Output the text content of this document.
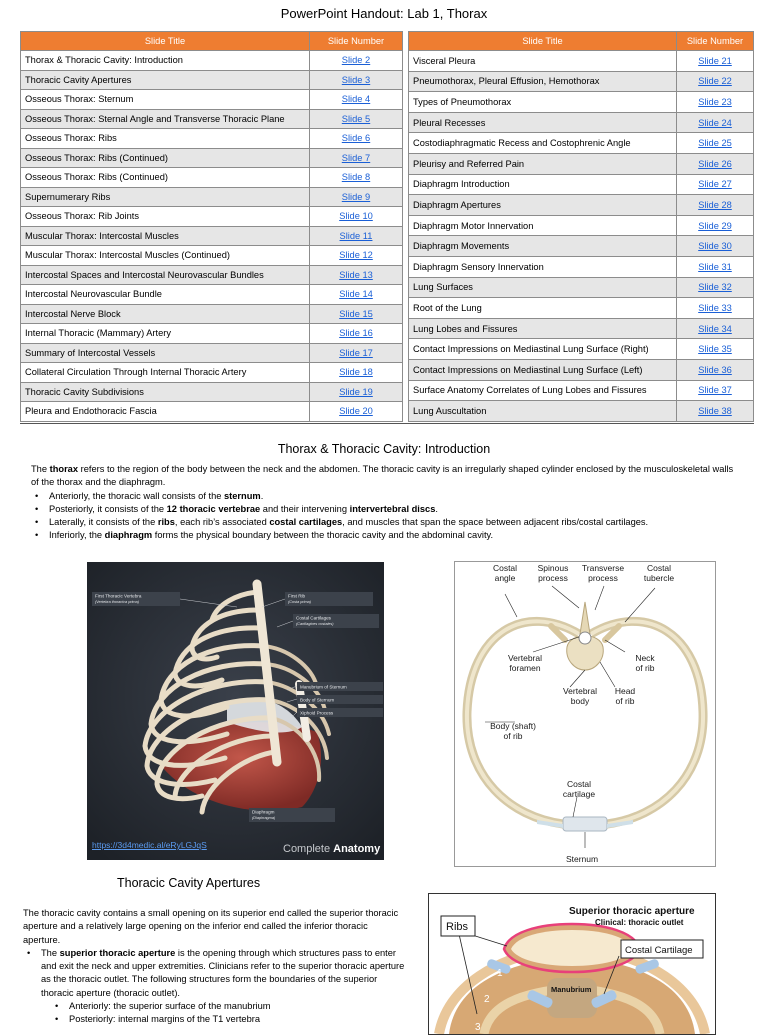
PowerPoint Handout: Lab 1, Thorax
Slide Title	Slide Number
Thorax & Thoracic Cavity: Introduction	Slide 2
Thoracic Cavity Apertures	Slide 3
Osseous Thorax: Sternum	Slide 4
Osseous Thorax: Sternal Angle and Transverse Thoracic Plane	Slide 5
Osseous Thorax: Ribs	Slide 6
Osseous Thorax: Ribs (Continued)	Slide 7
Osseous Thorax: Ribs (Continued)	Slide 8
Supernumerary Ribs	Slide 9
Osseous Thorax: Rib Joints	Slide 10
Muscular Thorax: Intercostal Muscles	Slide 11
Muscular Thorax: Intercostal Muscles (Continued)	Slide 12
Intercostal Spaces and Intercostal Neurovascular Bundles	Slide 13
Intercostal Neurovascular Bundle	Slide 14
Intercostal Nerve Block	Slide 15
Internal Thoracic (Mammary) Artery	Slide 16
Summary of Intercostal Vessels	Slide 17
Collateral Circulation Through Internal Thoracic Artery	Slide 18
Thoracic Cavity Subdivisions	Slide 19
Pleura and Endothoracic Fascia	Slide 20
Slide Title	Slide Number
Visceral Pleura	Slide 21
Pneumothorax, Pleural Effusion, Hemothorax	Slide 22
Types of Pneumothorax	Slide 23
Pleural Recesses	Slide 24
Costodiaphragmatic Recess and Costophrenic Angle	Slide 25
Pleurisy and Referred Pain	Slide 26
Diaphragm Introduction	Slide 27
Diaphragm Apertures	Slide 28
Diaphragm Motor Innervation	Slide 29
Diaphragm Movements	Slide 30
Diaphragm Sensory Innervation	Slide 31
Lung Surfaces	Slide 32
Root of the Lung	Slide 33
Lung Lobes and Fissures	Slide 34
Contact Impressions on Mediastinal Lung Surface (Right)	Slide 35
Contact Impressions on Mediastinal Lung Surface (Left)	Slide 36
Surface Anatomy Correlates of Lung Lobes and Fissures	Slide 37
Lung Auscultation	Slide 38
Thorax & Thoracic Cavity: Introduction

The thorax refers to the region of the body between the neck and the abdomen. The thoracic cavity is an irregularly shaped cylinder enclosed by the musculoskeletal walls of the thorax and the diaphragm.

• Anteriorly, the thoracic wall consists of the sternum.
• Posteriorly, it consists of the 12 thoracic vertebrae and their intervening intervertebral discs.
• Laterally, it consists of the ribs, each rib’s associated costal cartilages, and muscles that span the space between adjacent ribs/costal cartilages.
• Inferiorly, the diaphragm forms the physical boundary between the thoracic cavity and the abdominal cavity.
First Thoracic Vertebra
(Vertebra thoracica prima)
First Rib
(Costa prima)
Costal Cartilages
(Cartilagines costales)
Manubrium of Sternum
Body of Sternum
Xiphoid Process
Diaphragm
(Diaphragma)
https://3d4medic.al/eRyLGJqS	Complete Anatomy
Costal angle
Spinous process
Transverse process
Costal tubercle
Vertebral foramen
Neck of rib
Vertebral body
Head of rib
Body (shaft) of rib
Costal cartilage
Sternum
Thoracic Cavity Apertures

The thoracic cavity contains a small opening on its superior end called the superior thoracic aperture and a relatively large opening on the inferior end called the inferior thoracic aperture.

• The superior thoracic aperture is the opening through which structures pass to enter and exit the neck and upper extremities. Clinicians refer to the superior thoracic aperture as the thoracic outlet. The following structures form the boundaries of the superior thoracic aperture (thoracic outlet).
• Anteriorly: the superior surface of the manubrium
• Posteriorly: internal margins of the T1 vertebra
Superior thoracic aperture
Clinical: thoracic outlet
Ribs
Costal Cartilage
Manubrium
1
2
3
